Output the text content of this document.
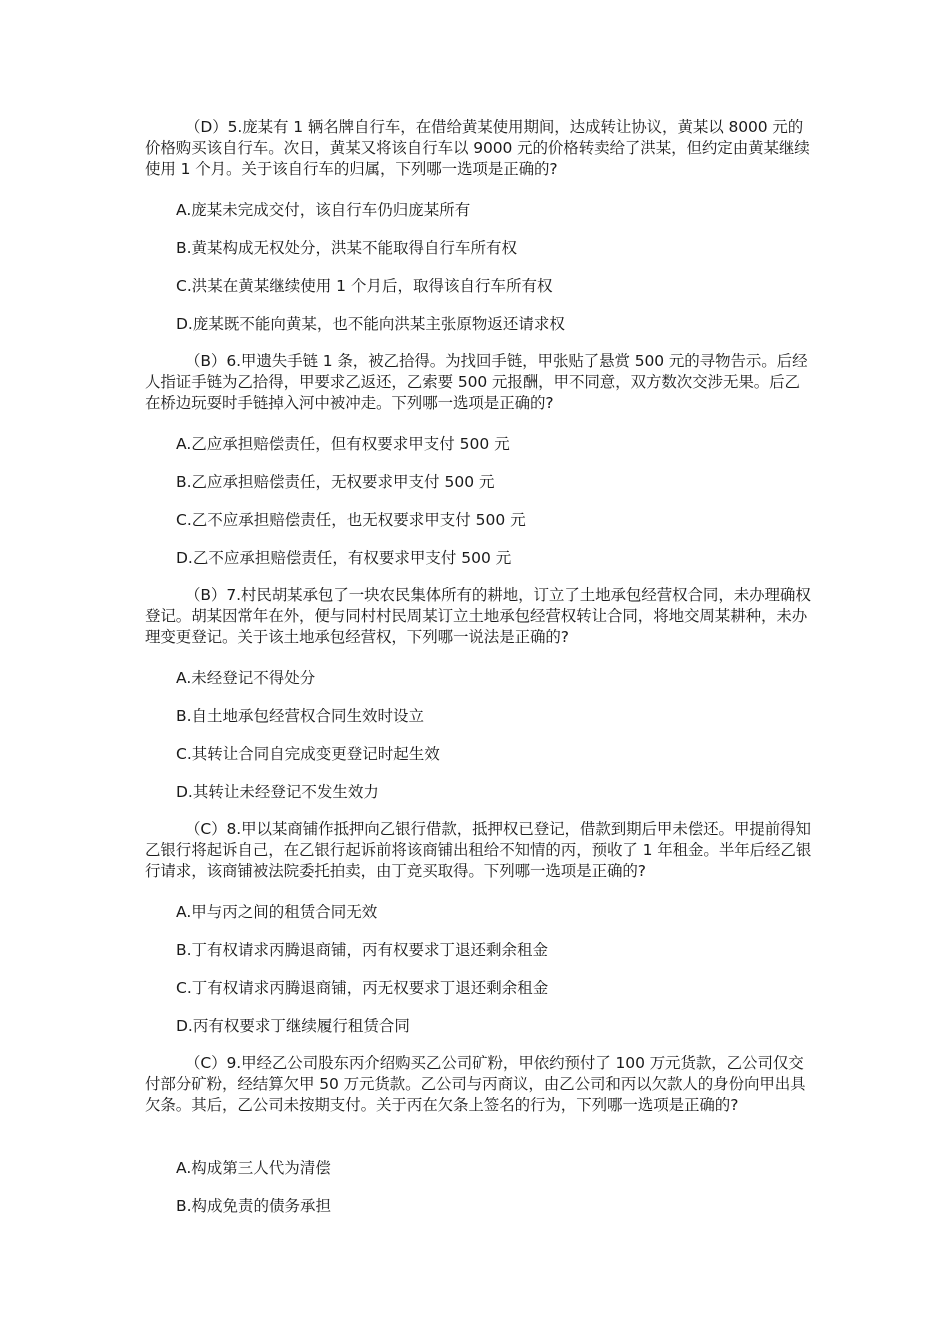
（D）5.庞某有 1 辆名牌自行车，在借给黄某使用期间，达成转让协议，黄某以 8000 元的价格购买该自行车。次日，黄某又将该自行车以 9000 元的价格转卖给了洪某，但约定由黄某继续使用 1 个月。关于该自行车的归属，下列哪一选项是正确的?

A.庞某未完成交付，该自行车仍归庞某所有

B.黄某构成无权处分，洪某不能取得自行车所有权

C.洪某在黄某继续使用 1 个月后，取得该自行车所有权

D.庞某既不能向黄某，也不能向洪某主张原物返还请求权

（B）6.甲遗失手链 1 条，被乙拾得。为找回手链，甲张贴了悬赏 500 元的寻物告示。后经人指证手链为乙拾得，甲要求乙返还，乙索要 500 元报酬，甲不同意，双方数次交涉无果。后乙在桥边玩耍时手链掉入河中被冲走。下列哪一选项是正确的?

A.乙应承担赔偿责任，但有权要求甲支付 500 元

B.乙应承担赔偿责任，无权要求甲支付 500 元

C.乙不应承担赔偿责任，也无权要求甲支付 500 元

D.乙不应承担赔偿责任，有权要求甲支付 500 元

（B）7.村民胡某承包了一块农民集体所有的耕地，订立了土地承包经营权合同，未办理确权登记。胡某因常年在外，便与同村村民周某订立土地承包经营权转让合同，将地交周某耕种，未办理变更登记。关于该土地承包经营权，下列哪一说法是正确的?

A.未经登记不得处分

B.自土地承包经营权合同生效时设立

C.其转让合同自完成变更登记时起生效

D.其转让未经登记不发生效力

（C）8.甲以某商铺作抵押向乙银行借款，抵押权已登记，借款到期后甲未偿还。甲提前得知乙银行将起诉自己，在乙银行起诉前将该商铺出租给不知情的丙，预收了 1 年租金。半年后经乙银行请求，该商铺被法院委托拍卖，由丁竞买取得。下列哪一选项是正确的?

A.甲与丙之间的租赁合同无效

B.丁有权请求丙腾退商铺，丙有权要求丁退还剩余租金

C.丁有权请求丙腾退商铺，丙无权要求丁退还剩余租金

D.丙有权要求丁继续履行租赁合同

（C）9.甲经乙公司股东丙介绍购买乙公司矿粉，甲依约预付了 100 万元货款，乙公司仅交付部分矿粉，经结算欠甲 50 万元货款。乙公司与丙商议，由乙公司和丙以欠款人的身份向甲出具欠条。其后，乙公司未按期支付。关于丙在欠条上签名的行为，下列哪一选项是正确的?

A.构成第三人代为清偿

B.构成免责的债务承担
